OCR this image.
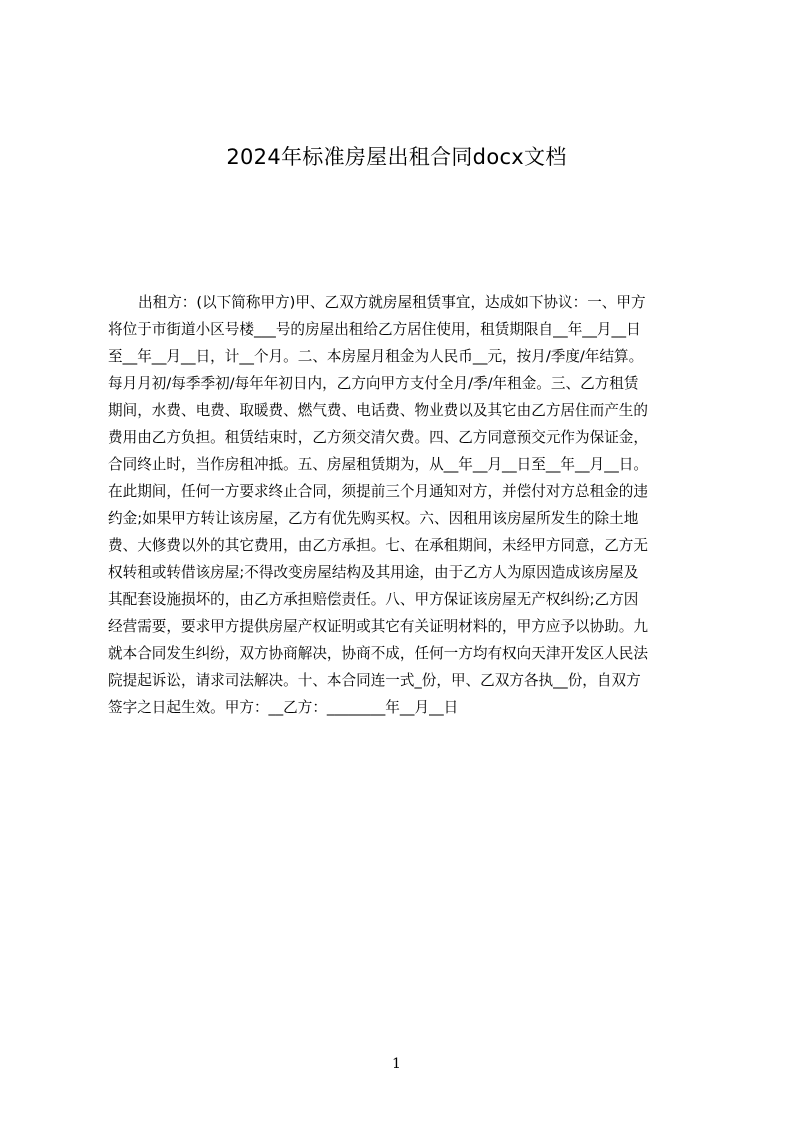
2024年标准房屋出租合同docx文档
出租方：(以下简称甲方)甲、乙双方就房屋租赁事宜，达成如下协议：一、甲方
将位于市街道小区号楼___号的房屋出租给乙方居住使用，租赁期限自__年__月__日
至__年__月__日，计__个月。二、本房屋月租金为人民币__元，按月/季度/年结算。
每月月初/每季季初/每年年初日内，乙方向甲方支付全月/季/年租金。三、乙方租赁
期间，水费、电费、取暖费、燃气费、电话费、物业费以及其它由乙方居住而产生的
费用由乙方负担。租赁结束时，乙方须交清欠费。四、乙方同意预交元作为保证金，
合同终止时，当作房租冲抵。五、房屋租赁期为，从__年__月__日至__年__月__日。
在此期间，任何一方要求终止合同，须提前三个月通知对方，并偿付对方总租金的违
约金;如果甲方转让该房屋，乙方有优先购买权。六、因租用该房屋所发生的除土地
费、大修费以外的其它费用，由乙方承担。七、在承租期间，未经甲方同意，乙方无
权转租或转借该房屋;不得改变房屋结构及其用途，由于乙方人为原因造成该房屋及
其配套设施损坏的，由乙方承担赔偿责任。八、甲方保证该房屋无产权纠纷;乙方因
经营需要，要求甲方提供房屋产权证明或其它有关证明材料的，甲方应予以协助。九
就本合同发生纠纷，双方协商解决，协商不成，任何一方均有权向天津开发区人民法
院提起诉讼，请求司法解决。十、本合同连一式_份，甲、乙双方各执__份，自双方
签字之日起生效。甲方：__乙方：________年__月__日
1
